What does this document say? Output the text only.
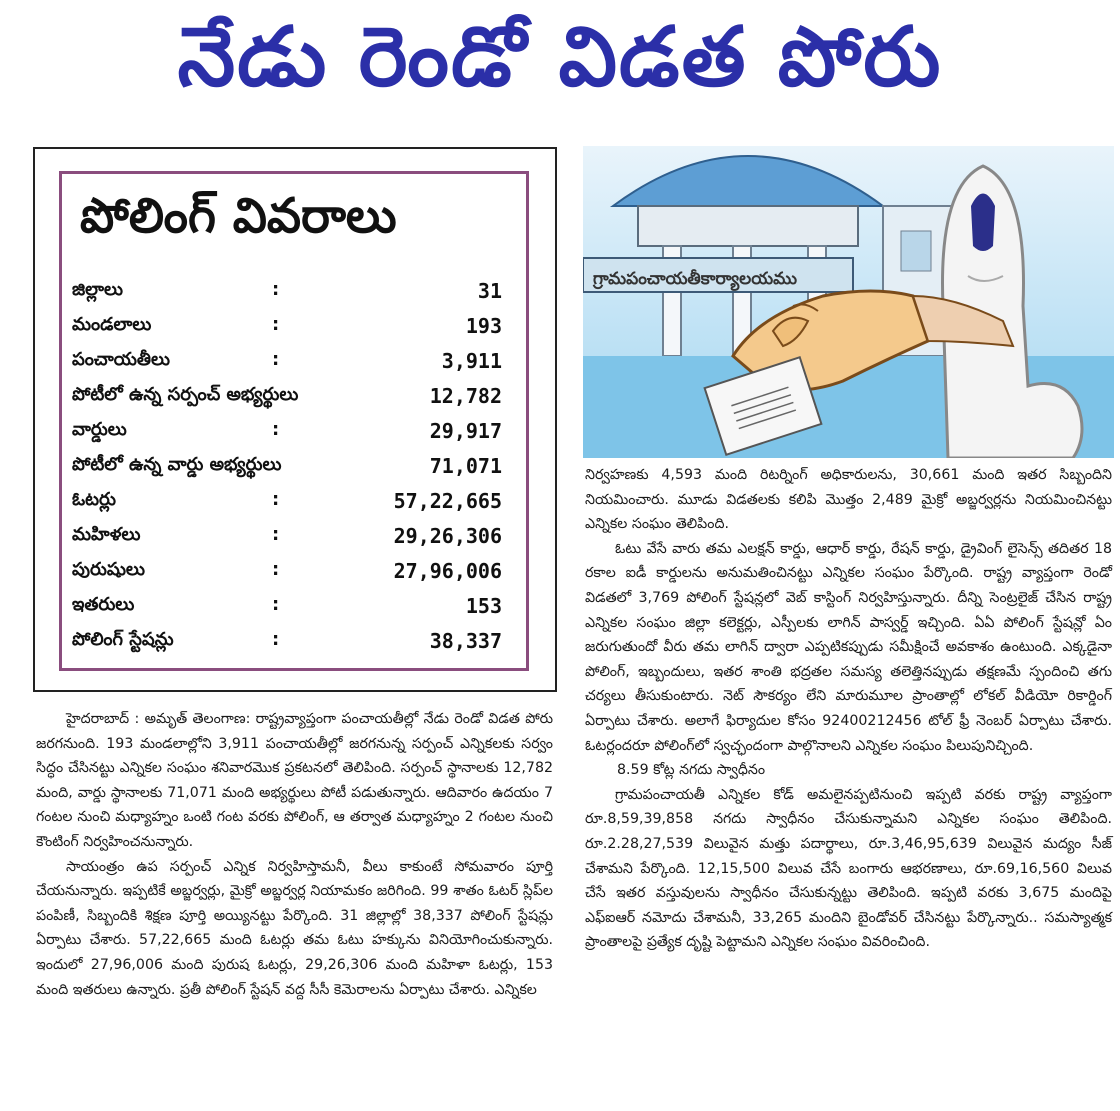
నేడు రెండో విడత పోరు
పోలింగ్ వివరాలు
జిల్లాలు	:	31
మండలాలు	:	193
పంచాయతీలు	:	3,911
పోటీలో ఉన్న సర్పంచ్ అభ్యర్థులు	12,782
వార్డులు	:	29,917
పోటీలో ఉన్న వార్డు అభ్యర్థులు	71,071
ఓటర్లు	:	57,22,665
మహిళలు	:	29,26,306
పురుషులు	:	27,96,006
ఇతరులు	:	153
పోలింగ్ స్టేషన్లు	:	38,337
గ్రామపంచాయతీకార్యాలయము

హైదరాబాద్ : అమృత్ తెలంగాణ: రాష్ట్రవ్యాప్తంగా పంచాయతీల్లో నేడు రెండో విడత పోరు జరగనుంది. 193 మండలాల్లోని 3,911 పంచాయతీల్లో జరగనున్న సర్పంచ్ ఎన్నికలకు సర్వం సిద్ధం చేసినట్టు ఎన్నికల సంఘం శనివారమొక ప్రకటనలో తెలిపింది. సర్పంచ్ స్థానాలకు 12,782 మంది, వార్డు స్థానాలకు 71,071 మంది అభ్యర్థులు పోటీ పడుతున్నారు. ఆదివారం ఉదయం 7 గంటల నుంచి మధ్యాహ్నం ఒంటి గంట వరకు పోలింగ్, ఆ తర్వాత మధ్యాహ్నం 2 గంటల నుంచి కౌంటింగ్ నిర్వహించనున్నారు.

సాయంత్రం ఉప సర్పంచ్ ఎన్నిక నిర్వహిస్తామనీ, వీలు కాకుంటే సోమవారం పూర్తి చేయనున్నారు. ఇప్పటికే అబ్జర్వర్లు, మైక్రో అబ్జర్వర్ల నియామకం జరిగింది. 99 శాతం ఓటర్ స్లిప్‌ల పంపిణీ, సిబ్బందికి శిక్షణ పూర్తి అయ్యినట్టు పేర్కొంది. 31 జిల్లాల్లో 38,337 పోలింగ్ స్టేషన్లు ఏర్పాటు చేశారు. 57,22,665 మంది ఓటర్లు తమ ఓటు హక్కును వినియోగించుకున్నారు. ఇందులో 27,96,006 మంది పురుష ఓటర్లు, 29,26,306 మంది మహిళా ఓటర్లు, 153 మంది ఇతరులు ఉన్నారు. ప్రతీ పోలింగ్ స్టేషన్ వద్ద సీసీ కెమెరాలను ఏర్పాటు చేశారు. ఎన్నికల

నిర్వహణకు 4,593 మంది రిటర్నింగ్ అధికారులను, 30,661 మంది ఇతర సిబ్బందిని నియమించారు. మూడు విడతలకు కలిపి మొత్తం 2,489 మైక్రో అబ్జర్వర్లను నియమించినట్టు ఎన్నికల సంఘం తెలిపింది.

ఓటు వేసే వారు తమ ఎలక్షన్ కార్డు, ఆధార్ కార్డు, రేషన్ కార్డు, డ్రైవింగ్ లైసెన్స్ తదితర 18 రకాల ఐడీ కార్డులను అనుమతించినట్టు ఎన్నికల సంఘం పేర్కొంది. రాష్ట్ర వ్యాప్తంగా రెండో విడతలో 3,769 పోలింగ్ స్టేషన్లలో వెబ్ కాస్టింగ్ నిర్వహిస్తున్నారు. దీన్ని సెంట్రలైజ్ చేసిన రాష్ట్ర ఎన్నికల సంఘం జిల్లా కలెక్టర్లు, ఎస్పీలకు లాగిన్ పాస్వర్డ్ ఇచ్చింది. ఏఏ పోలింగ్ స్టేషన్లో ఏం జరుగుతుందో వీరు తమ లాగిన్ ద్వారా ఎప్పటికప్పుడు సమీక్షించే అవకాశం ఉంటుంది. ఎక్కడైనా పోలింగ్, ఇబ్బందులు, ఇతర శాంతి భద్రతల సమస్య తలెత్తినప్పుడు తక్షణమే స్పందించి తగు చర్యలు తీసుకుంటారు. నెట్ సౌకర్యం లేని మారుమూల ప్రాంతాల్లో లోకల్ వీడియో రికార్డింగ్ ఏర్పాటు చేశారు. అలాగే ఫిర్యాదుల కోసం 92400212456 టోల్ ఫ్రీ నెంబర్ ఏర్పాటు చేశారు. ఓటర్లందరూ పోలింగ్‌లో స్వచ్ఛందంగా పాల్గొనాలని ఎన్నికల సంఘం పిలుపునిచ్చింది.

8.59 కోట్ల నగదు స్వాధీనం

గ్రామపంచాయతీ ఎన్నికల కోడ్ అమలైనప్పటినుంచి ఇప్పటి వరకు రాష్ట్ర వ్యాప్తంగా రూ.8,59,39,858 నగదు స్వాధీనం చేసుకున్నామని ఎన్నికల సంఘం తెలిపింది. రూ.2.28,27,539 విలువైన మత్తు పదార్థాలు, రూ.3,46,95,639 విలువైన మద్యం సీజ్ చేశామని పేర్కొంది. 12,15,500 విలువ చేసే బంగారు ఆభరణాలు, రూ.69,16,560 విలువ చేసే ఇతర వస్తువులను స్వాధీనం చేసుకున్నట్టు తెలిపింది. ఇప్పటి వరకు 3,675 మందిపై ఎఫ్ఐఆర్ నమోదు చేశామనీ, 33,265 మందిని బైండోవర్ చేసినట్టు పేర్కొన్నారు.. సమస్యాత్మక ప్రాంతాలపై ప్రత్యేక దృష్టి పెట్టామని ఎన్నికల సంఘం వివరించింది.
